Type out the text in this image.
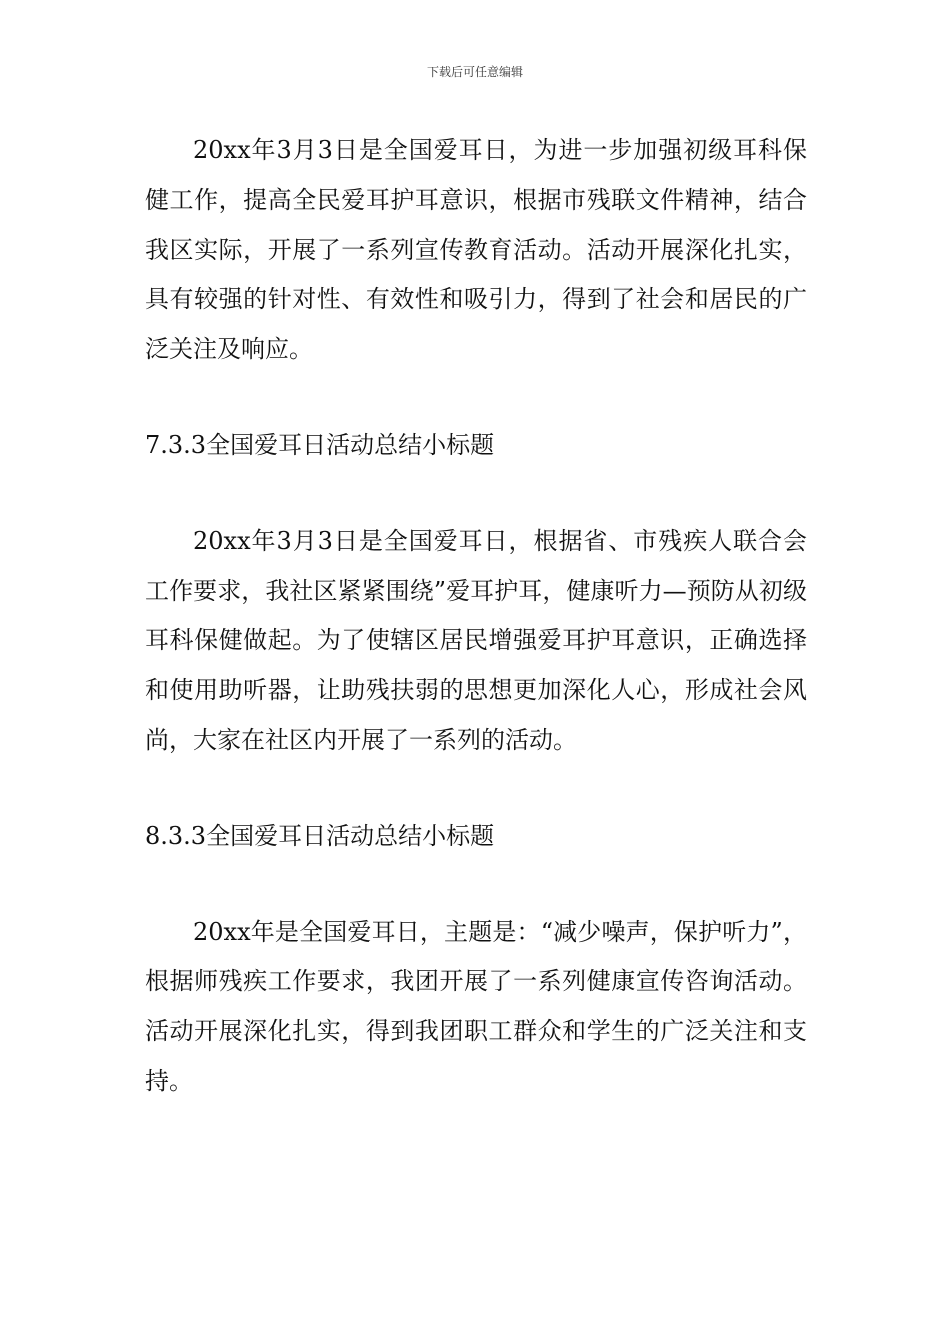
下载后可任意编辑

20xx年3月3日是全国爱耳日，为进一步加强初级耳科保健工作，提高全民爱耳护耳意识，根据市残联文件精神，结合我区实际，开展了一系列宣传教育活动。活动开展深化扎实，具有较强的针对性、有效性和吸引力，得到了社会和居民的广泛关注及响应。

7.3.3全国爱耳日活动总结小标题

20xx年3月3日是全国爱耳日，根据省、市残疾人联合会工作要求，我社区紧紧围绕”爱耳护耳，健康听力—预防从初级耳科保健做起。为了使辖区居民增强爱耳护耳意识，正确选择和使用助听器，让助残扶弱的思想更加深化人心，形成社会风尚，大家在社区内开展了一系列的活动。

8.3.3全国爱耳日活动总结小标题

20xx年是全国爱耳日，主题是：“减少噪声，保护听力”，根据师残疾工作要求，我团开展了一系列健康宣传咨询活动。活动开展深化扎实，得到我团职工群众和学生的广泛关注和支持。
